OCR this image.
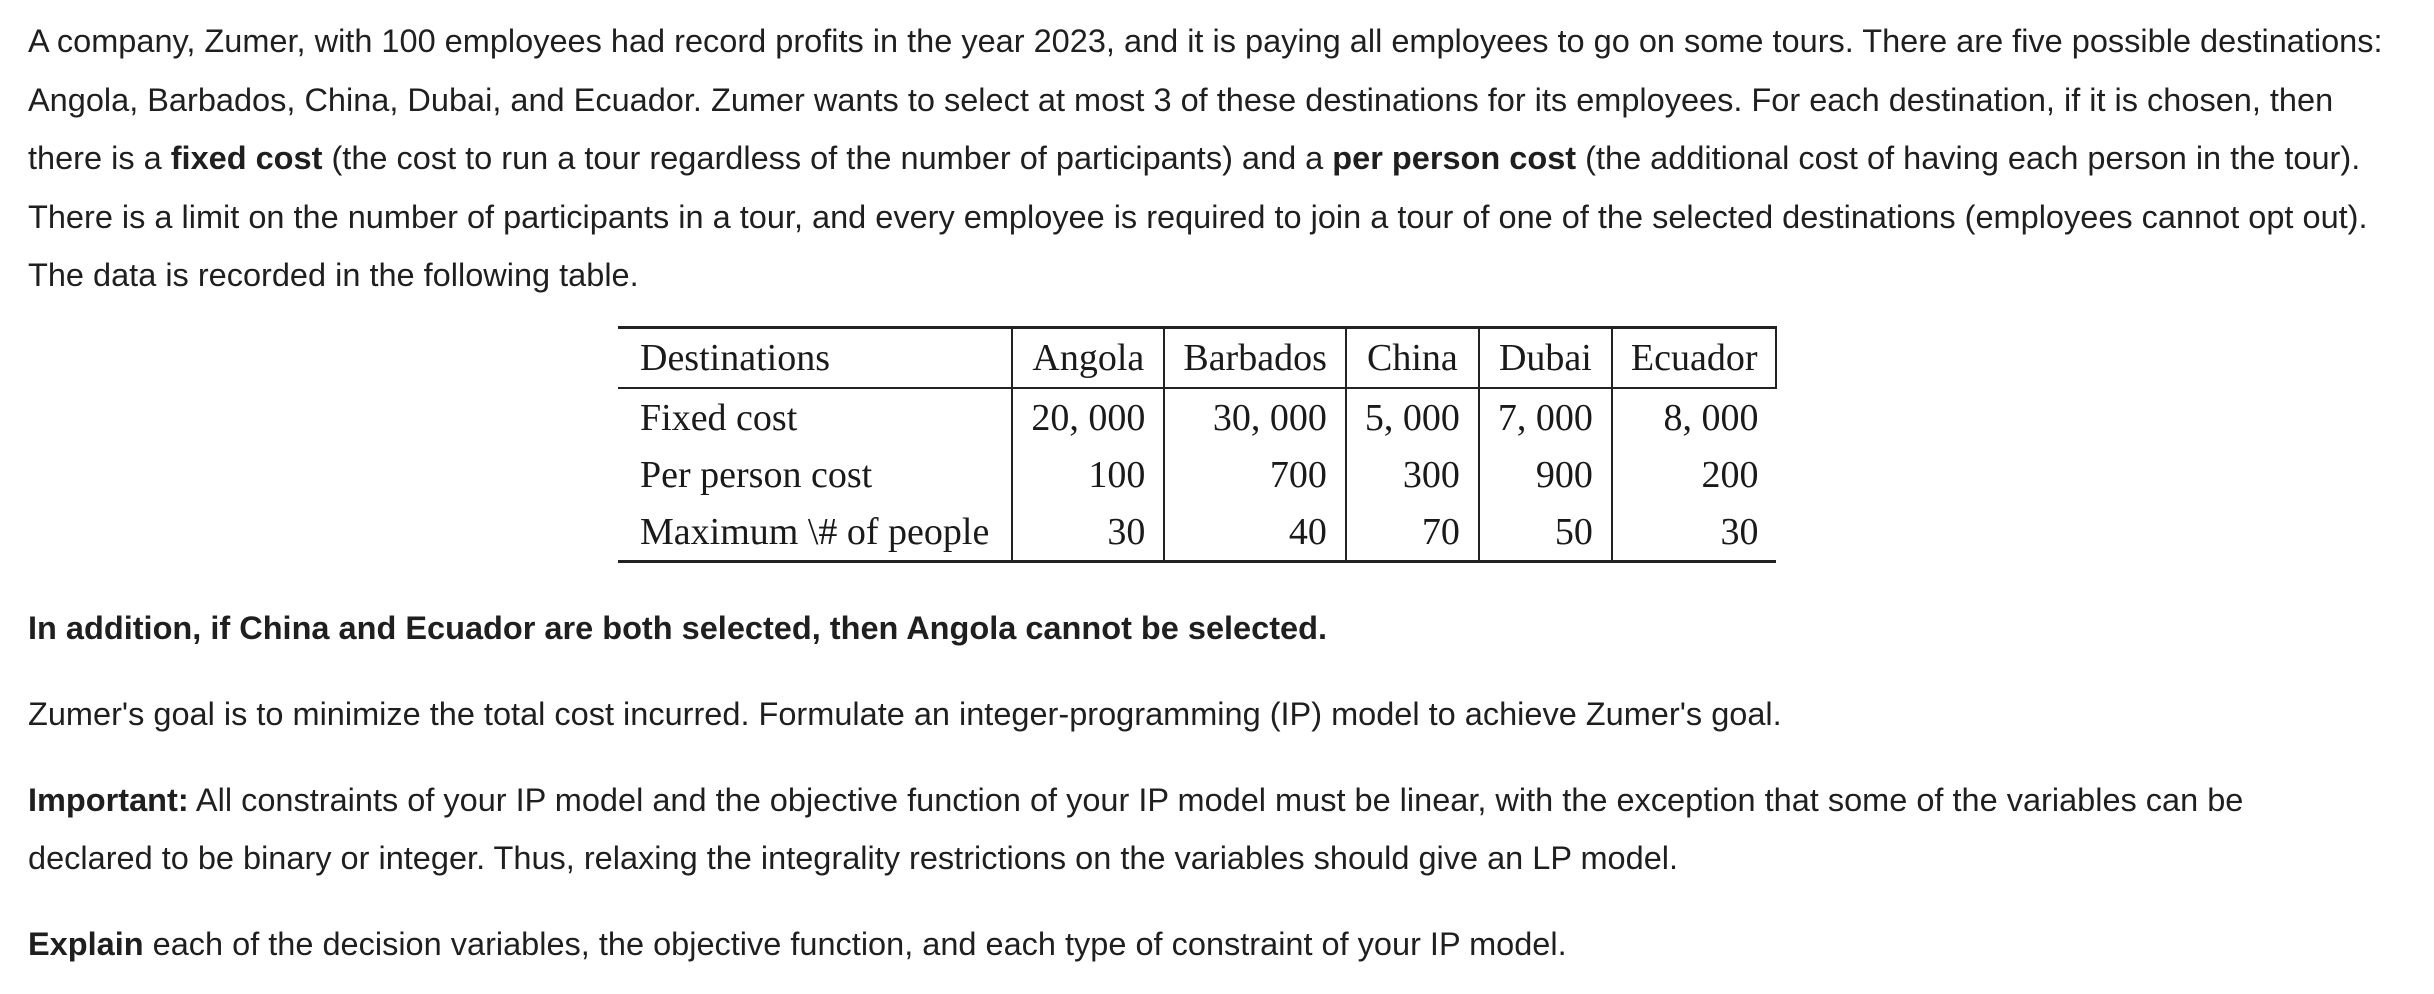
A company, Zumer, with 100 employees had record profits in the year 2023, and it is paying all employees to go on some tours. There are five possible destinations: Angola, Barbados, China, Dubai, and Ecuador. Zumer wants to select at most 3 of these destinations for its employees. For each destination, if it is chosen, then there is a fixed cost (the cost to run a tour regardless of the number of participants) and a per person cost (the additional cost of having each person in the tour). There is a limit on the number of participants in a tour, and every employee is required to join a tour of one of the selected destinations (employees cannot opt out). The data is recorded in the following table.

Destinations	Angola	Barbados	China	Dubai	Ecuador
Fixed cost	20, 000	30, 000	5, 000	7, 000	8, 000
Per person cost	100	700	300	900	200
Maximum \# of people	30	40	70	50	30

In addition, if China and Ecuador are both selected, then Angola cannot be selected.

Zumer's goal is to minimize the total cost incurred. Formulate an integer-programming (IP) model to achieve Zumer's goal.

Important: All constraints of your IP model and the objective function of your IP model must be linear, with the exception that some of the variables can be

declared to be binary or integer. Thus, relaxing the integrality restrictions on the variables should give an LP model.

Explain each of the decision variables, the objective function, and each type of constraint of your IP model.
